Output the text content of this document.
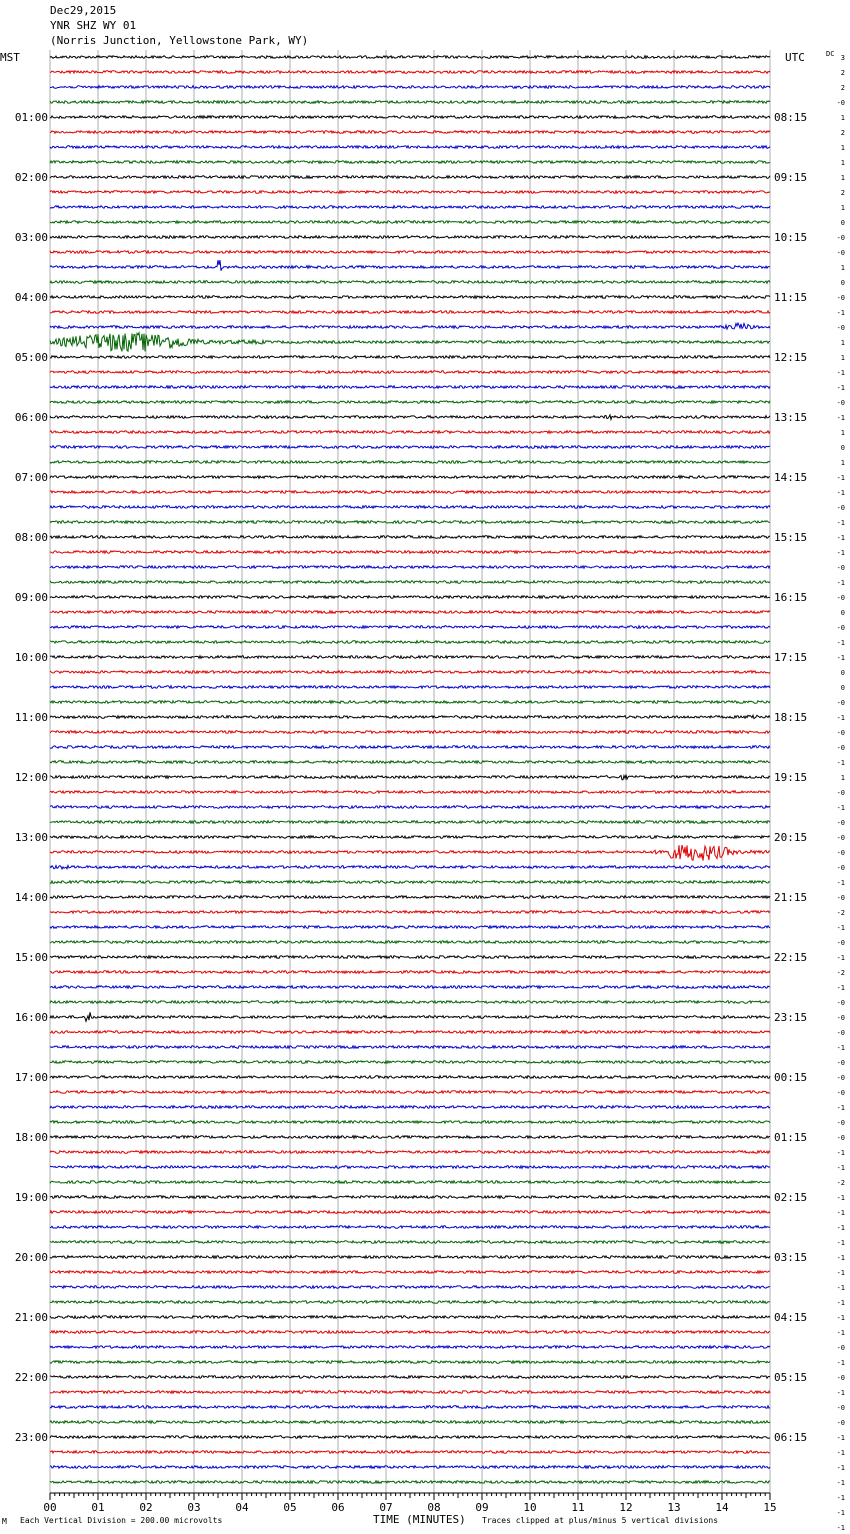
Dec29,2015
YNR SHZ WY 01
(Norris Junction, Yellowstone Park, WY)
00	01	02	03	04	05	06	07	08	09	10	11	12	13	14	15
01:00
02:00
03:00
04:00
05:00
06:00
07:00
08:00
09:00
10:00
11:00
12:00
13:00
14:00
15:00
16:00
17:00
18:00
19:00
20:00
21:00
22:00
23:00
08:15
09:15
10:15
11:15
12:15
13:15
14:15
15:15
16:15
17:15
18:15
19:15
20:15
21:15
22:15
23:15
00:15
01:15
02:15
03:15
04:15
05:15
06:15
3
2
2
-0
1
2
1
1
1
2
1
0
-0
-0
1
0
-0
-1
-0
1
1
-1
-1
-0
-1
1
0
1
-1
-1
-0
-1
-1
-1
-0
-1
-0
0
-0
-1
-1
0
0
-0
-1
-0
-0
-1
1
-0
-1
-0
-0
-0
-0
-1
-0
-2
-1
-0
-1
-2
-1
-0
-0
-0
-1
-0
-0
-0
-1
-0
-0
-1
-1
-2
-1
-1
-1
-1
-1
-1
-1
-1
-1
-1
-0
-1
-0
-1
-0
-0
-1
-1
-1
-1
-1
-1
-1
MST	UTC	DC
M Each Vertical Division = 200.00 microvolts	TIME (MINUTES) Traces clipped at plus/minus 5 vertical divisions
